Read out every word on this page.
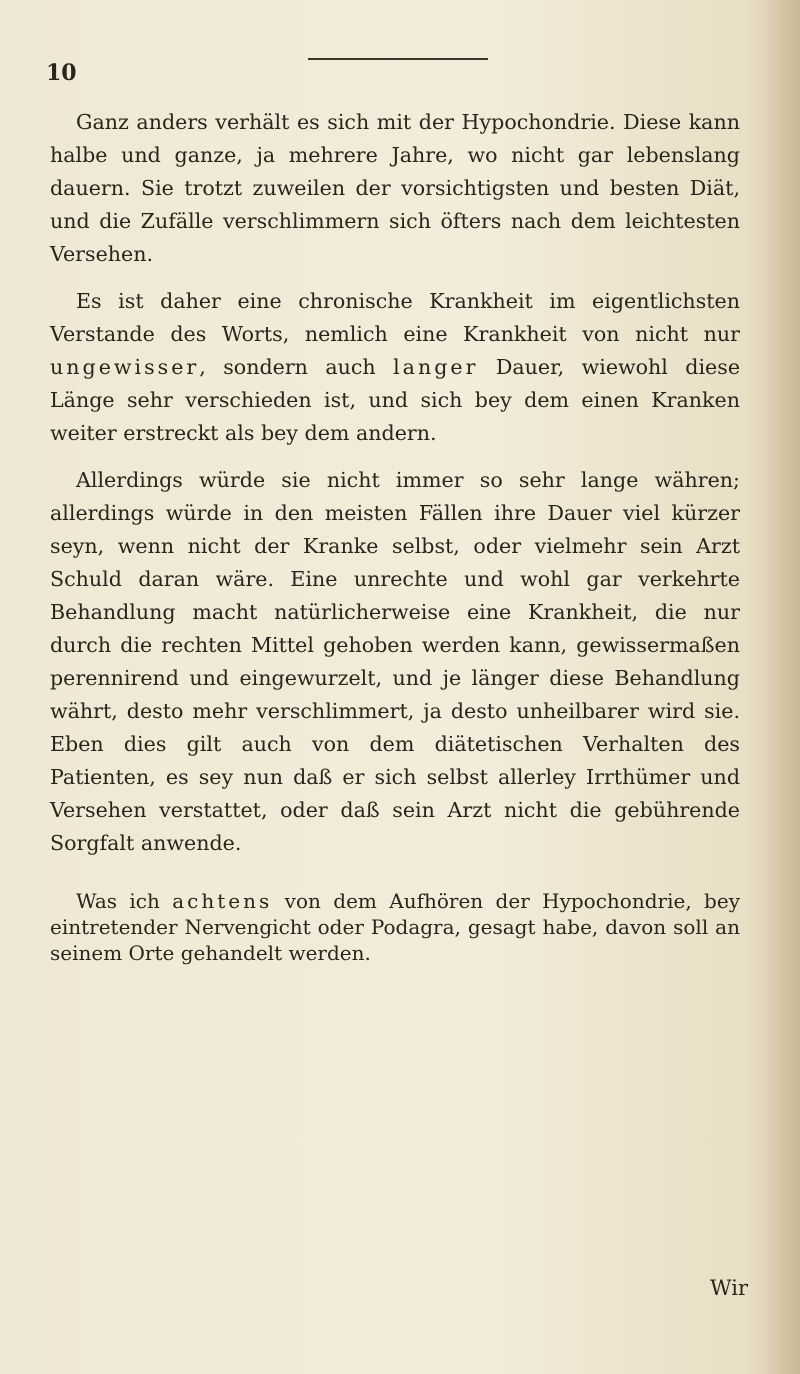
10

Ganz anders verhält es sich mit der Hypochondrie. Diese kann halbe und ganze, ja mehrere Jahre, wo nicht gar lebenslang dauern. Sie trotzt zuweilen der vorsichtigsten und besten Diät, und die Zufälle verschlimmern sich öfters nach dem leichtesten Versehen.

Es ist daher eine chronische Krankheit im eigentlichsten Verstande des Worts, nemlich eine Krankheit von nicht nur ungewisser, sondern auch langer Dauer, wiewohl diese Länge sehr verschieden ist, und sich bey dem einen Kranken weiter erstreckt als bey dem andern.

Allerdings würde sie nicht immer so sehr lange währen; allerdings würde in den meisten Fällen ihre Dauer viel kürzer seyn, wenn nicht der Kranke selbst, oder vielmehr sein Arzt Schuld daran wäre. Eine unrechte und wohl gar verkehrte Behandlung macht natürlicherweise eine Krankheit, die nur durch die rechten Mittel gehoben werden kann, gewissermaßen perennirend und eingewurzelt, und je länger diese Behandlung währt, desto mehr verschlimmert, ja desto unheilbarer wird sie. Eben dies gilt auch von dem diätetischen Verhalten des Patienten, es sey nun daß er sich selbst allerley Irrthümer und Versehen verstattet, oder daß sein Arzt nicht die gebührende Sorgfalt anwende.

Was ich achtens von dem Aufhören der Hypochondrie, bey eintretender Nervengicht oder Podagra, gesagt habe, davon soll an seinem Orte gehandelt werden.

Wir
